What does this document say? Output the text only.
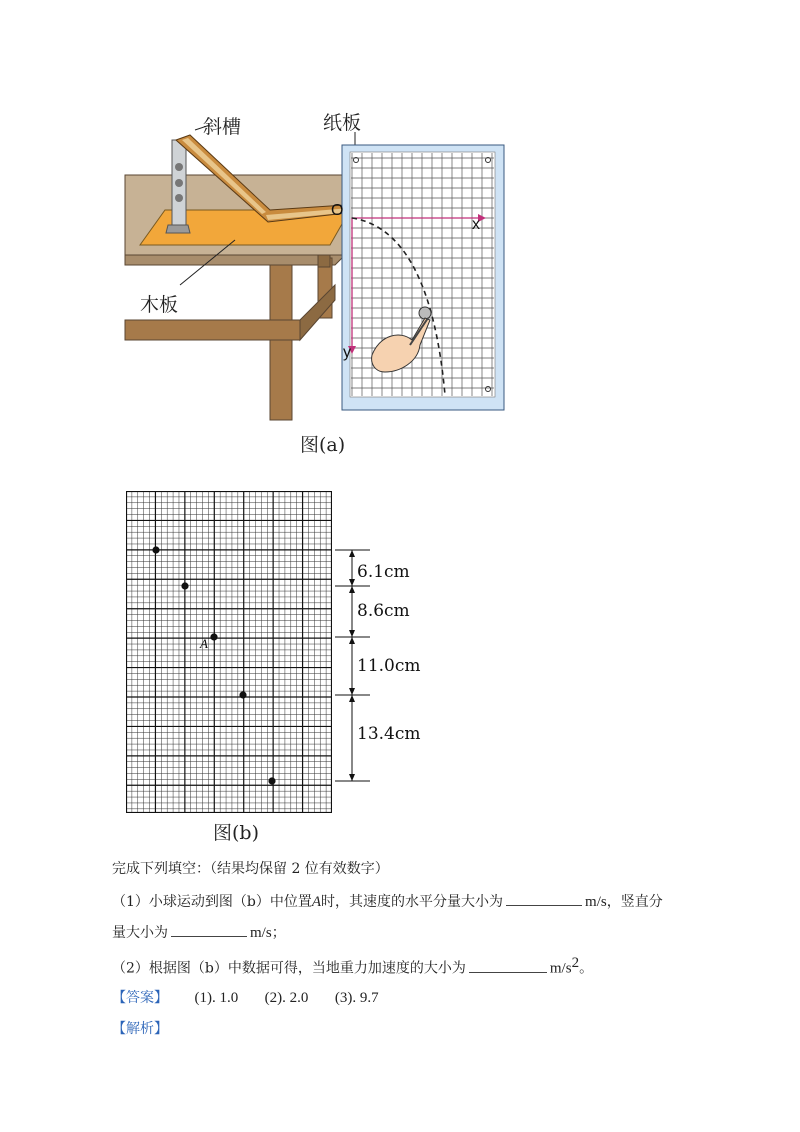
斜槽	纸板
木板
O
x
y
图(a)
A
6.1cm
8.6cm
11.0cm
13.4cm
图(b)
完成下列填空：（结果均保留 2 位有效数字）
（1）小球运动到图（b）中位置A时，其速度的水平分量大小为	m/s，竖直分
量大小为	m/s；
（2）根据图（b）中数据可得，当地重力加速度的大小为	$m/s^2$。
【答案】 (1). 1.0 (2). 2.0 (3). 9.7
【解析】
